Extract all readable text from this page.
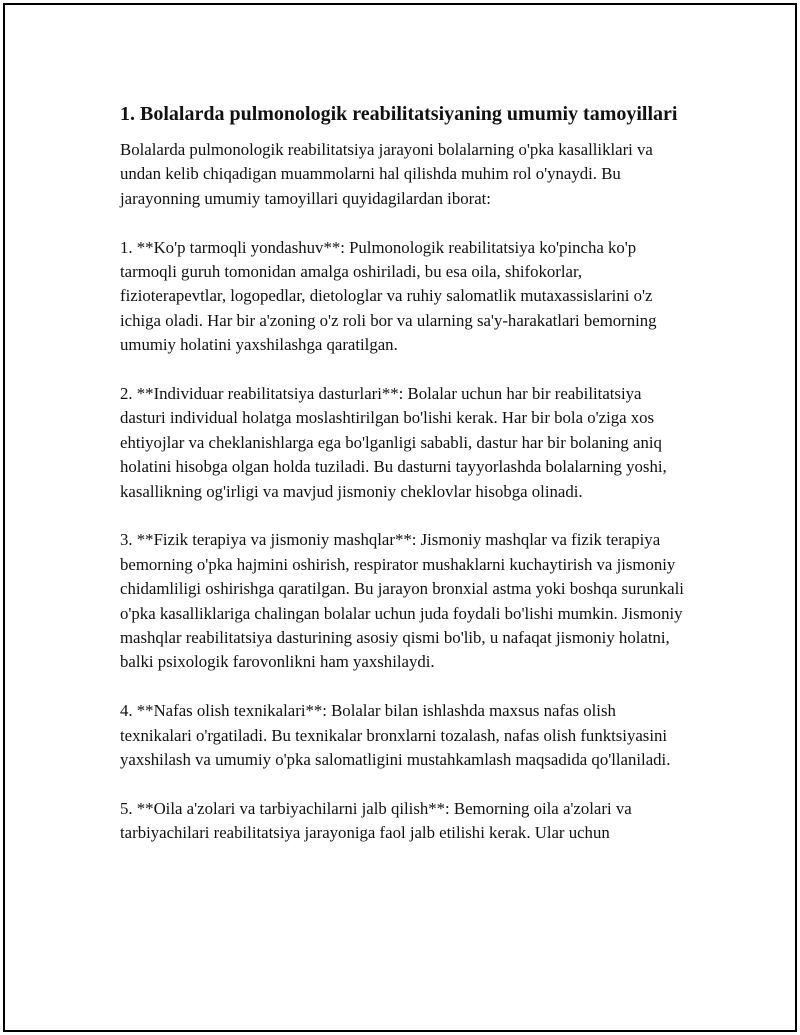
1. Bolalarda pulmonologik reabilitatsiyaning umumiy tamoyillari

Bolalarda pulmonologik reabilitatsiya jarayoni bolalarning o'pka kasalliklari va undan kelib chiqadigan muammolarni hal qilishda muhim rol o'ynaydi. Bu jarayonning umumiy tamoyillari quyidagilardan iborat:

1. **Ko'p tarmoqli yondashuv**: Pulmonologik reabilitatsiya ko'pincha ko'p tarmoqli guruh tomonidan amalga oshiriladi, bu esa oila, shifokorlar, fizioterapevtlar, logopedlar, dietologlar va ruhiy salomatlik mutaxassislarini o'z ichiga oladi. Har bir a'zoning o'z roli bor va ularning sa'y-harakatlari bemorning umumiy holatini yaxshilashga qaratilgan.

2. **Individuar reabilitatsiya dasturlari**: Bolalar uchun har bir reabilitatsiya dasturi individual holatga moslashtirilgan bo'lishi kerak. Har bir bola o'ziga xos ehtiyojlar va cheklanishlarga ega bo'lganligi sababli, dastur har bir bolaning aniq holatini hisobga olgan holda tuziladi. Bu dasturni tayyorlashda bolalarning yoshi, kasallikning og'irligi va mavjud jismoniy cheklovlar hisobga olinadi.

3. **Fizik terapiya va jismoniy mashqlar**: Jismoniy mashqlar va fizik terapiya bemorning o'pka hajmini oshirish, respirator mushaklarni kuchaytirish va jismoniy chidamliligi oshirishga qaratilgan. Bu jarayon bronxial astma yoki boshqa surunkali o'pka kasalliklariga chalingan bolalar uchun juda foydali bo'lishi mumkin. Jismoniy mashqlar reabilitatsiya dasturining asosiy qismi bo'lib, u nafaqat jismoniy holatni, balki psixologik farovonlikni ham yaxshilaydi.

4. **Nafas olish texnikalari**: Bolalar bilan ishlashda maxsus nafas olish texnikalari o'rgatiladi. Bu texnikalar bronxlarni tozalash, nafas olish funktsiyasini yaxshilash va umumiy o'pka salomatligini mustahkamlash maqsadida qo'llaniladi.

5. **Oila a'zolari va tarbiyachilarni jalb qilish**: Bemorning oila a'zolari va tarbiyachilari reabilitatsiya jarayoniga faol jalb etilishi kerak. Ular uchun
